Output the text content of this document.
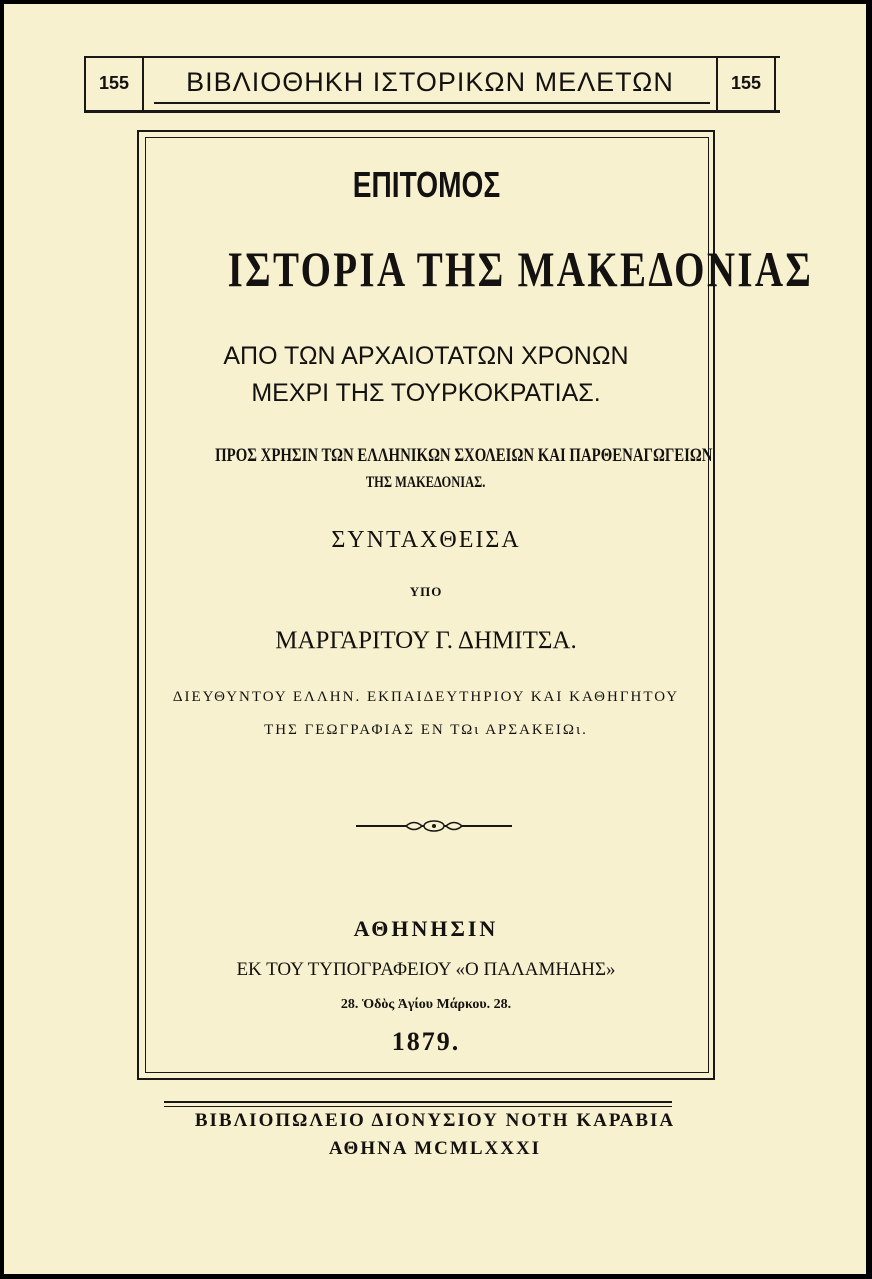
155	ΒΙΒΛΙΟΘΗΚΗ ΙΣΤΟΡΙΚΩΝ ΜΕΛΕΤΩΝ	155
ΕΠΙΤΟΜΟΣ
ΙΣΤΟΡΙΑ ΤΗΣ ΜΑΚΕΔΟΝΙΑΣ
ΑΠΟ ΤΩΝ ΑΡΧΑΙΟΤΑΤΩΝ ΧΡΟΝΩΝ
ΜΕΧΡΙ ΤΗΣ ΤΟΥΡΚΟΚΡΑΤΙΑΣ.
ΠΡΟΣ ΧΡΗΣΙΝ ΤΩΝ ΕΛΛΗΝΙΚΩΝ ΣΧΟΛΕΙΩΝ ΚΑΙ ΠΑΡΘΕΝΑΓΩΓΕΙΩΝ
ΤΗΣ ΜΑΚΕΔΟΝΙΑΣ.
ΣΥΝΤΑΧΘΕΙΣΑ
ΥΠΟ
ΜΑΡΓΑΡΙΤΟΥ Γ. ΔΗΜΙΤΣΑ.
ΔΙΕΥΘΥΝΤΟΥ ΕΛΛΗΝ. ΕΚΠΑΙΔΕΥΤΗΡΙΟΥ ΚΑΙ ΚΑΘΗΓΗΤΟΥ
ΤΗΣ ΓΕΩΓΡΑΦΙΑΣ ΕΝ ΤΩι ΑΡΣΑΚΕΙΩι.
ΑΘΗΝΗΣΙΝ
ΕΚ ΤΟΥ ΤΥΠΟΓΡΑΦΕΙΟΥ «Ο ΠΑΛΑΜΗΔΗΣ»
28. Ὁδὸς Ἁγίου Μάρκου. 28.
1879.
ΒΙΒΛΙΟΠΩΛΕΙΟ ΔΙΟΝΥΣΙΟΥ ΝΟΤΗ ΚΑΡΑΒΙΑ
ΑΘΗΝΑ MCMLXXXI
